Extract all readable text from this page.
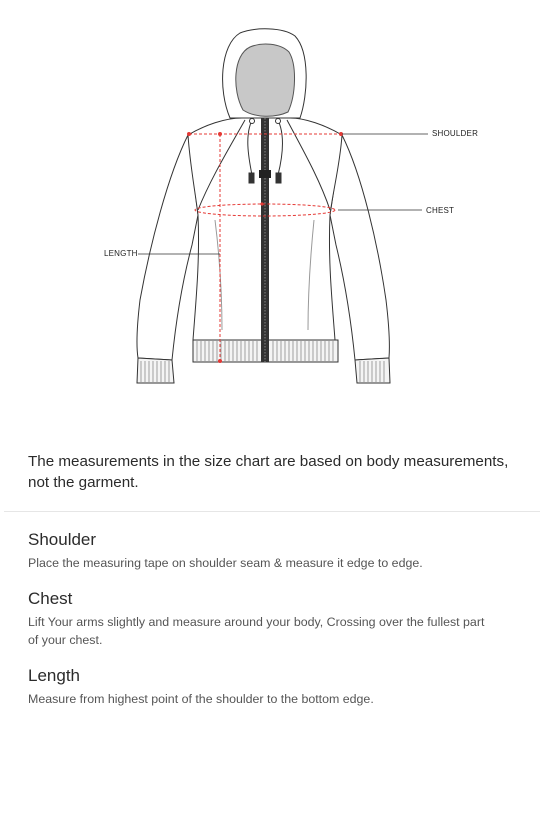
SHOULDER
CHEST
LENGTH
The measurements in the size chart are based on body measurements, not the garment.
Shoulder

Place the measuring tape on shoulder seam & measure it edge to edge.

Chest

Lift Your arms slightly and measure around your body, Crossing over the fullest part of your chest.

Length

Measure from highest point of the shoulder to the bottom edge.
